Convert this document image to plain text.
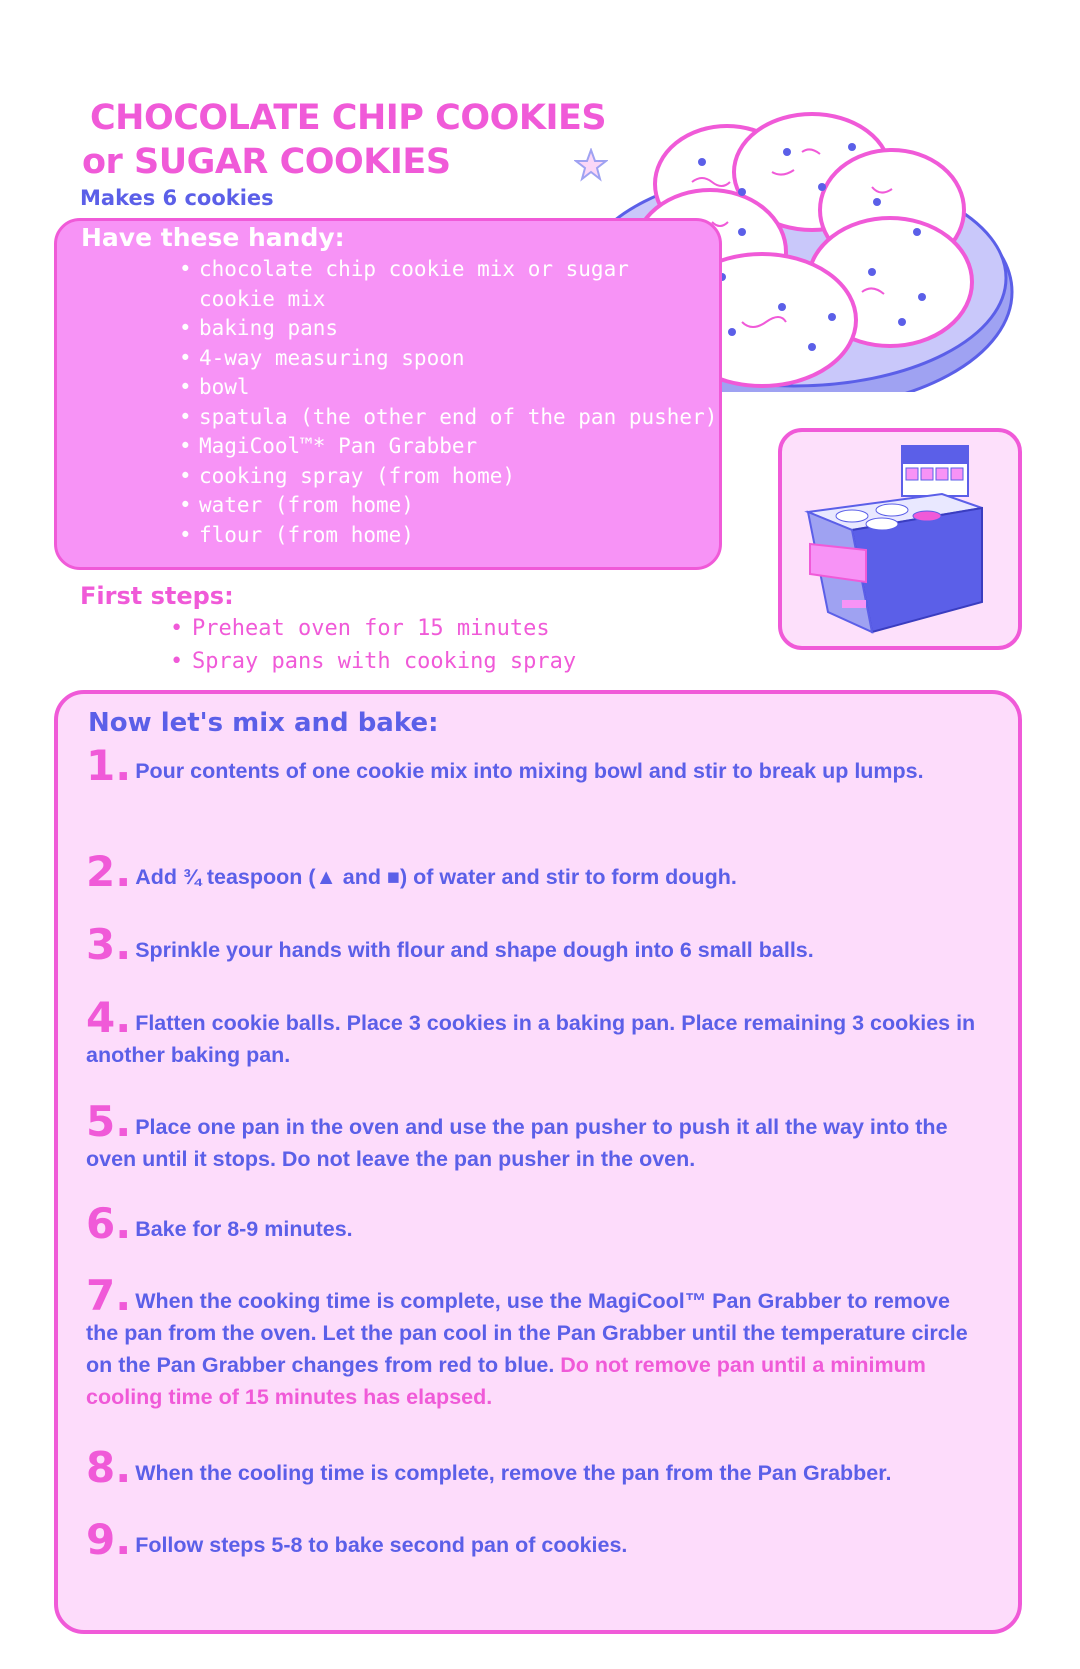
CHOCOLATE CHIP COOKIES
or SUGAR COOKIES
Makes 6 cookies
Have these handy:
• chocolate chip cookie mix or sugar cookie mix
• baking pans
• 4-way measuring spoon
• bowl
• spatula (the other end of the pan pusher)
• MagiCool™* Pan Grabber
• cooking spray (from home)
• water (from home)
• flour (from home)
First steps:
• Preheat oven for 15 minutes
• Spray pans with cooking spray
Now let's mix and bake:
1. Pour contents of one cookie mix into mixing bowl and stir to break up lumps.
2. Add ¾ teaspoon (▲ and ■) of water and stir to form dough.
3. Sprinkle your hands with flour and shape dough into 6 small balls.
4. Flatten cookie balls. Place 3 cookies in a baking pan. Place remaining 3 cookies in another baking pan.
5. Place one pan in the oven and use the pan pusher to push it all the way into the oven until it stops. Do not leave the pan pusher in the oven.
6. Bake for 8-9 minutes.
7. When the cooking time is complete, use the MagiCool™ Pan Grabber to remove the pan from the oven. Let the pan cool in the Pan Grabber until the temperature circle on the Pan Grabber changes from red to blue. Do not remove pan until a minimum cooling time of 15 minutes has elapsed.
8. When the cooling time is complete, remove the pan from the Pan Grabber.
9. Follow steps 5-8 to bake second pan of cookies.
